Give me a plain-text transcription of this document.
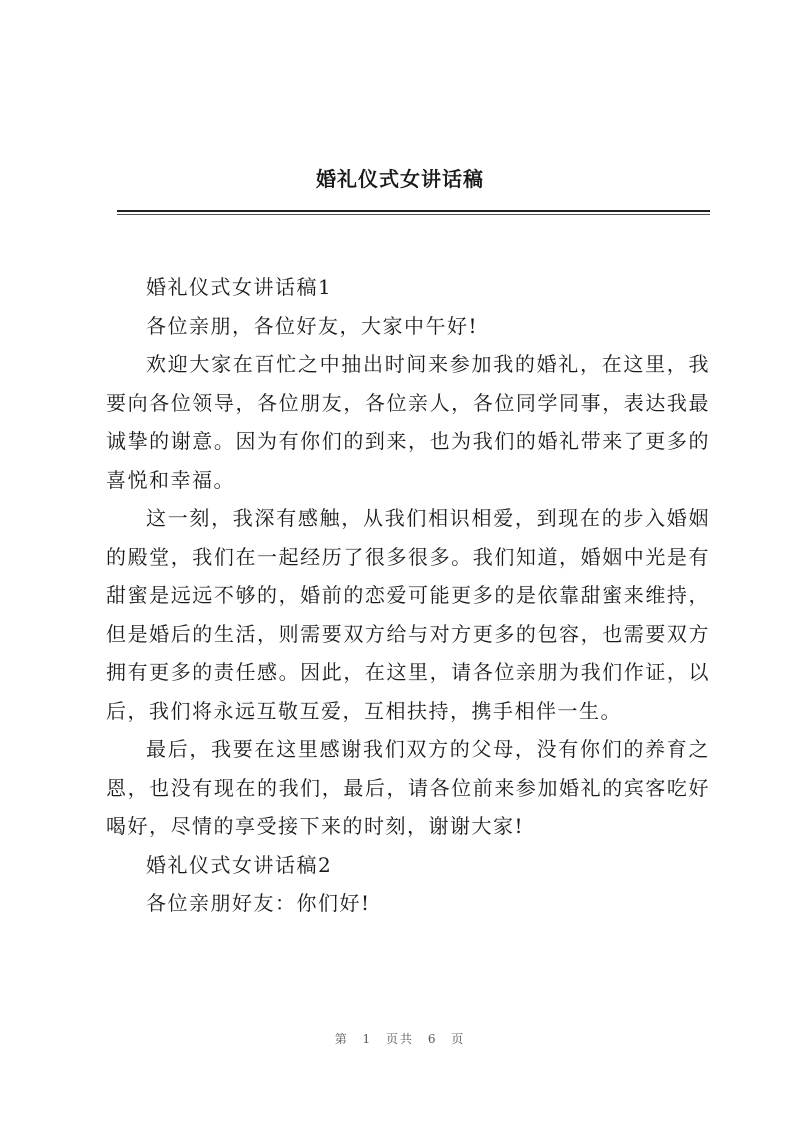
婚礼仪式女讲话稿

婚礼仪式女讲话稿1

各位亲朋，各位好友，大家中午好!

欢迎大家在百忙之中抽出时间来参加我的婚礼，在这里，我要向各位领导，各位朋友，各位亲人，各位同学同事，表达我最诚挚的谢意。因为有你们的到来，也为我们的婚礼带来了更多的喜悦和幸福。

这一刻，我深有感触，从我们相识相爱，到现在的步入婚姻的殿堂，我们在一起经历了很多很多。我们知道，婚姻中光是有甜蜜是远远不够的，婚前的恋爱可能更多的是依靠甜蜜来维持，但是婚后的生活，则需要双方给与对方更多的包容，也需要双方拥有更多的责任感。因此，在这里，请各位亲朋为我们作证，以后，我们将永远互敬互爱，互相扶持，携手相伴一生。

最后，我要在这里感谢我们双方的父母，没有你们的养育之恩，也没有现在的我们，最后，请各位前来参加婚礼的宾客吃好喝好，尽情的享受接下来的时刻，谢谢大家!

婚礼仪式女讲话稿2

各位亲朋好友：你们好!

第 1 页共 6 页
